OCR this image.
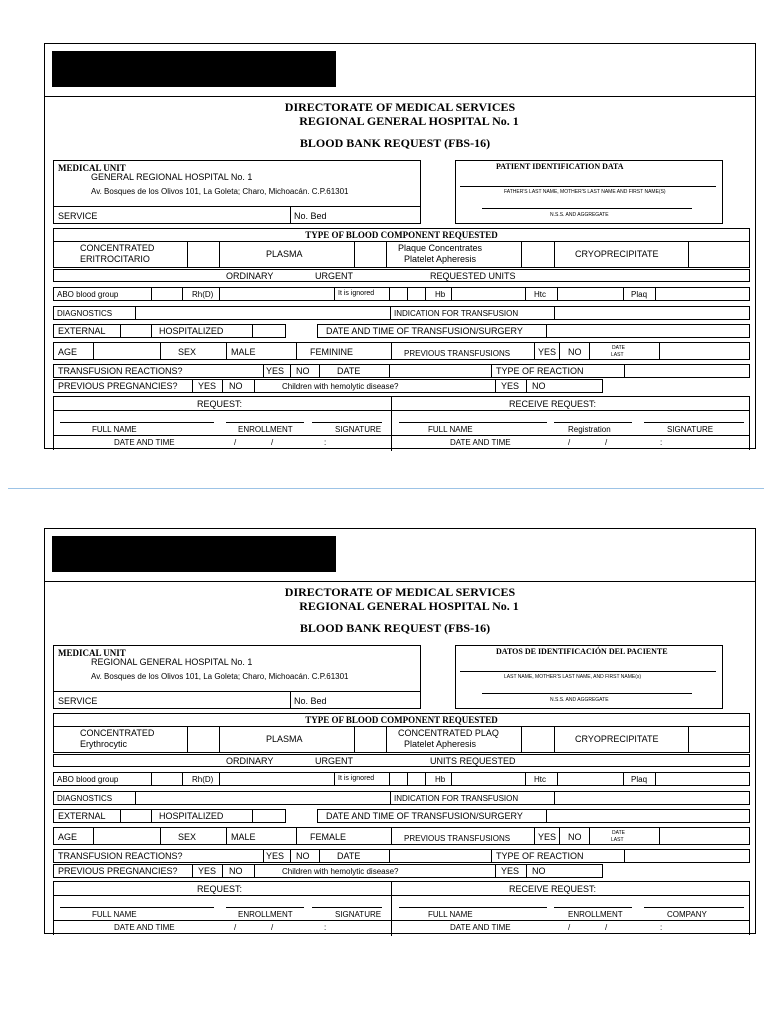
DIRECTORATE OF MEDICAL SERVICES
REGIONAL GENERAL HOSPITAL No. 1
BLOOD BANK REQUEST (FBS-16)
MEDICAL UNIT
GENERAL REGIONAL HOSPITAL No. 1
Av. Bosques de los Olivos 101, La Goleta; Charo, Michoacán. C.P.61301
SERVICE	No. Bed
PATIENT IDENTIFICATION DATA
FATHER'S LAST NAME, MOTHER'S LAST NAME AND FIRST NAME(S)
N.S.S. AND AGGREGATE
TYPE OF BLOOD COMPONENT REQUESTED
CONCENTRATED
ERITROCITARIO	PLASMA
Plaque Concentrates
Platelet Apheresis	CRYOPRECIPITATE
ORDINARY	URGENT	REQUESTED UNITS
ABO blood group	Rh(D)	It is ignored	Hb	Htc	Plaq
DIAGNOSTICS	INDICATION FOR TRANSFUSION
EXTERNAL	HOSPITALIZED	DATE AND TIME OF TRANSFUSION/SURGERY
AGE	SEX	MALE	FEMININE	PREVIOUS TRANSFUSIONS	YES NO	DATE
LAST
TRANSFUSION REACTIONS?	YES NO	DATE	TYPE OF REACTION
PREVIOUS PREGNANCIES? YES NO	Children with hemolytic disease?	YES NO
REQUEST:	RECEIVE REQUEST:
FULL NAME	ENROLLMENT	SIGNATURE	FULL NAME	Registration	SIGNATURE
DATE AND TIME	/	/	:	DATE AND TIME	/	/	:
DIRECTORATE OF MEDICAL SERVICES
REGIONAL GENERAL HOSPITAL No. 1
BLOOD BANK REQUEST (FBS-16)
MEDICAL UNIT
REGIONAL GENERAL HOSPITAL No. 1
Av. Bosques de los Olivos 101, La Goleta; Charo, Michoacán. C.P.61301
SERVICE	No. Bed
DATOS DE IDENTIFICACIÓN DEL PACIENTE
LAST NAME, MOTHER'S LAST NAME, AND FIRST NAME(s)
N.S.S. AND AGGREGATE
TYPE OF BLOOD COMPONENT REQUESTED
CONCENTRATED
Erythrocytic	PLASMA
CONCENTRATED PLAQ
Platelet Apheresis	CRYOPRECIPITATE
ORDINARY	URGENT	UNITS REQUESTED
ABO blood group	Rh(D)	It is ignored	Hb	Htc	Plaq
DIAGNOSTICS	INDICATION FOR TRANSFUSION
EXTERNAL	HOSPITALIZED	DATE AND TIME OF TRANSFUSION/SURGERY
AGE	SEX	MALE	FEMALE	PREVIOUS TRANSFUSIONS	YES NO	DATE
LAST
TRANSFUSION REACTIONS?	YES NO	DATE	TYPE OF REACTION
PREVIOUS PREGNANCIES? YES NO	Children with hemolytic disease?	YES NO
REQUEST:	RECEIVE REQUEST:
FULL NAME	ENROLLMENT	SIGNATURE	FULL NAME	ENROLLMENT	COMPANY
DATE AND TIME	/	/	:	DATE AND TIME	/	/	:
